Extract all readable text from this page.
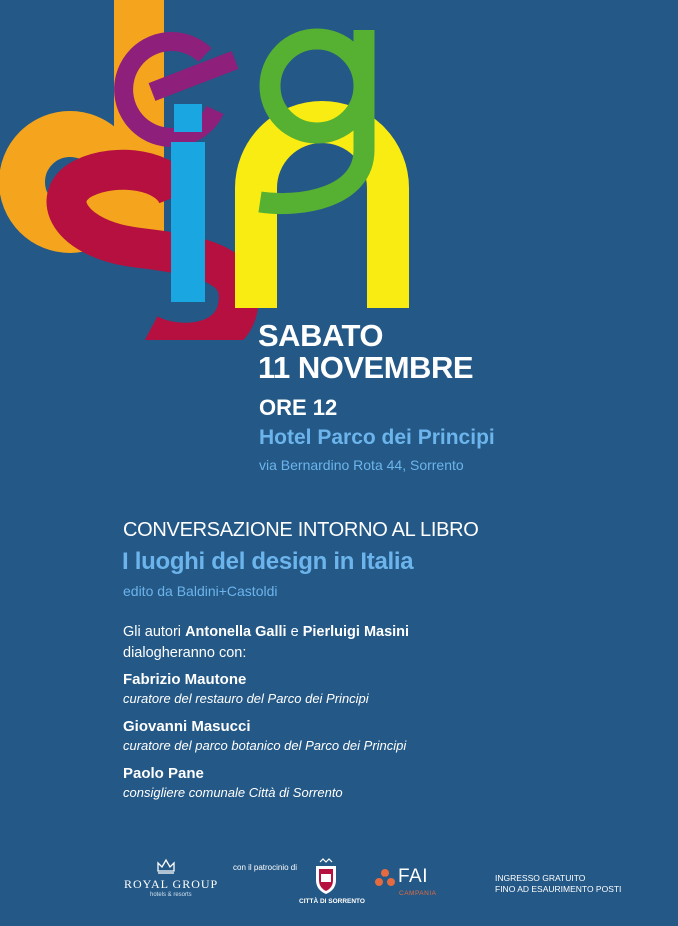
SABATO
11 NOVEMBRE
ORE 12
Hotel Parco dei Principi
via Bernardino Rota 44, Sorrento
CONVERSAZIONE INTORNO AL LIBRO
I luoghi del design in Italia
edito da Baldini+Castoldi
Gli autori Antonella Galli e Pierluigi Masini
dialogheranno con:
Fabrizio Mautone
curatore del restauro del Parco dei Principi
Giovanni Masucci
curatore del parco botanico del Parco dei Principi
Paolo Pane
consigliere comunale Città di Sorrento
ROYAL GROUP
hotels & resorts
con il patrocinio di
CITTÀ DI SORRENTO
FAI
CAMPANIA
INGRESSO GRATUITO
FINO AD ESAURIMENTO POSTI
